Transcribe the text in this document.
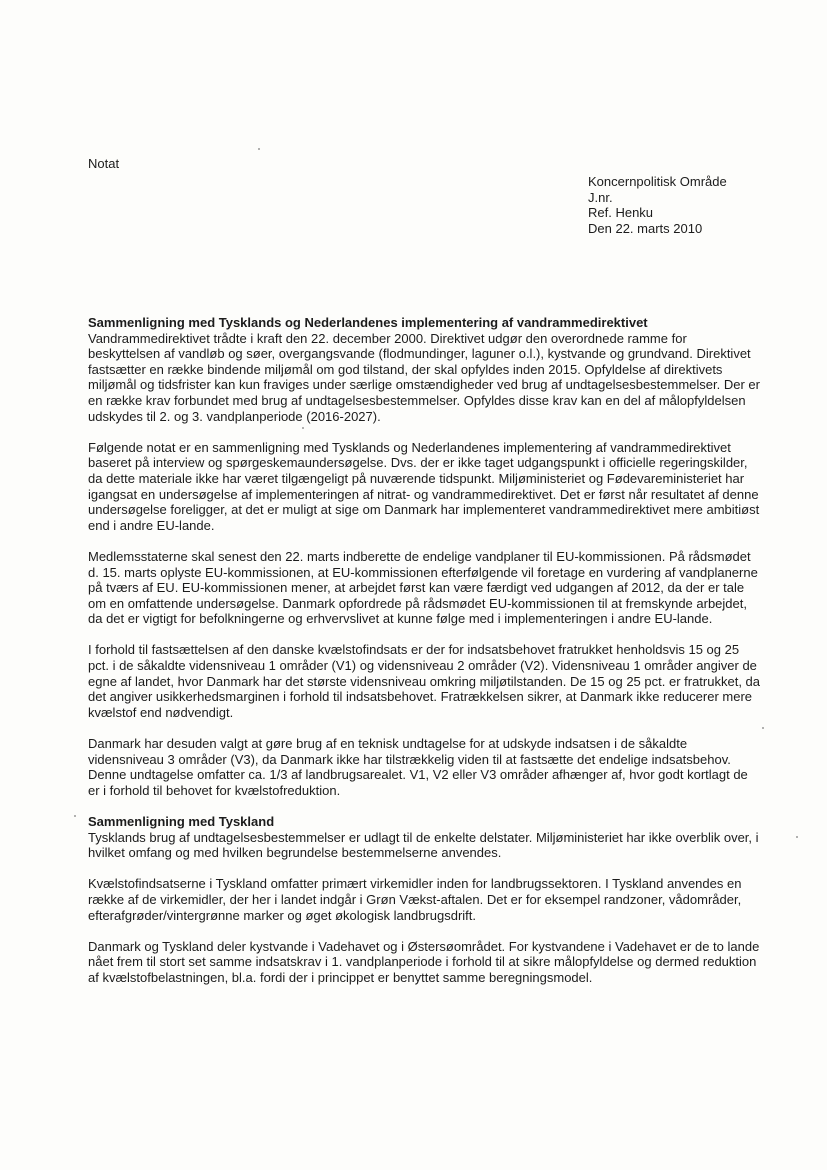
Notat
Koncernpolitisk Område
J.nr.
Ref. Henku
Den 22. marts 2010

Sammenligning med Tysklands og Nederlandenes implementering af vandrammedirektivet

Vandrammedirektivet trådte i kraft den 22. december 2000. Direktivet udgør den overordnede ramme for beskyttelsen af vandløb og søer, overgangsvande (flodmundinger, laguner o.l.), kystvande og grundvand. Direktivet fastsætter en række bindende miljømål om god tilstand, der skal opfyldes inden 2015. Opfyldelse af direktivets miljømål og tidsfrister kan kun fraviges under særlige omstændigheder ved brug af undtagelsesbestemmelser. Der er en række krav forbundet med brug af undtagelsesbestemmelser. Opfyldes disse krav kan en del af målopfyldelsen udskydes til 2. og 3. vandplanperiode (2016-2027).

Følgende notat er en sammenligning med Tysklands og Nederlandenes implementering af vandrammedirektivet baseret på interview og spørgeskemaundersøgelse. Dvs. der er ikke taget udgangspunkt i officielle regeringskilder, da dette materiale ikke har været tilgængeligt på nuværende tidspunkt. Miljøministeriet og Fødevareministeriet har igangsat en undersøgelse af implementeringen af nitrat- og vandrammedirektivet. Det er først når resultatet af denne undersøgelse foreligger, at det er muligt at sige om Danmark har implementeret vandrammedirektivet mere ambitiøst end i andre EU-lande.

Medlemsstaterne skal senest den 22. marts indberette de endelige vandplaner til EU-kommissionen. På rådsmødet d. 15. marts oplyste EU-kommissionen, at EU-kommissionen efterfølgende vil foretage en vurdering af vandplanerne på tværs af EU. EU-kommissionen mener, at arbejdet først kan være færdigt ved udgangen af 2012, da der er tale om en omfattende undersøgelse. Danmark opfordrede på rådsmødet EU-kommissionen til at fremskynde arbejdet, da det er vigtigt for befolkningerne og erhvervslivet at kunne følge med i implementeringen i andre EU-lande.

I forhold til fastsættelsen af den danske kvælstofindsats er der for indsatsbehovet fratrukket henholdsvis 15 og 25 pct. i de såkaldte vidensniveau 1 områder (V1) og vidensniveau 2 områder (V2). Vidensniveau 1 områder angiver de egne af landet, hvor Danmark har det største vidensniveau omkring miljøtilstanden. De 15 og 25 pct. er fratrukket, da det angiver usikkerhedsmarginen i forhold til indsatsbehovet. Fratrækkelsen sikrer, at Danmark ikke reducerer mere kvælstof end nødvendigt.

Danmark har desuden valgt at gøre brug af en teknisk undtagelse for at udskyde indsatsen i de såkaldte vidensniveau 3 områder (V3), da Danmark ikke har tilstrækkelig viden til at fastsætte det endelige indsatsbehov. Denne undtagelse omfatter ca. 1/3 af landbrugsarealet. V1, V2 eller V3 områder afhænger af, hvor godt kortlagt de er i forhold til behovet for kvælstofreduktion.

Sammenligning med Tyskland

Tysklands brug af undtagelsesbestemmelser er udlagt til de enkelte delstater. Miljøministeriet har ikke overblik over, i hvilket omfang og med hvilken begrundelse bestemmelserne anvendes.

Kvælstofindsatserne i Tyskland omfatter primært virkemidler inden for landbrugssektoren. I Tyskland anvendes en række af de virkemidler, der her i landet indgår i Grøn Vækst-aftalen. Det er for eksempel randzoner, vådområder, efterafgrøder/vintergrønne marker og øget økologisk landbrugsdrift.

Danmark og Tyskland deler kystvande i Vadehavet og i Østersøområdet. For kystvandene i Vadehavet er de to lande nået frem til stort set samme indsatskrav i 1. vandplanperiode i forhold til at sikre målopfyldelse og dermed reduktion af kvælstofbelastningen, bl.a. fordi der i princippet er benyttet samme beregningsmodel.
